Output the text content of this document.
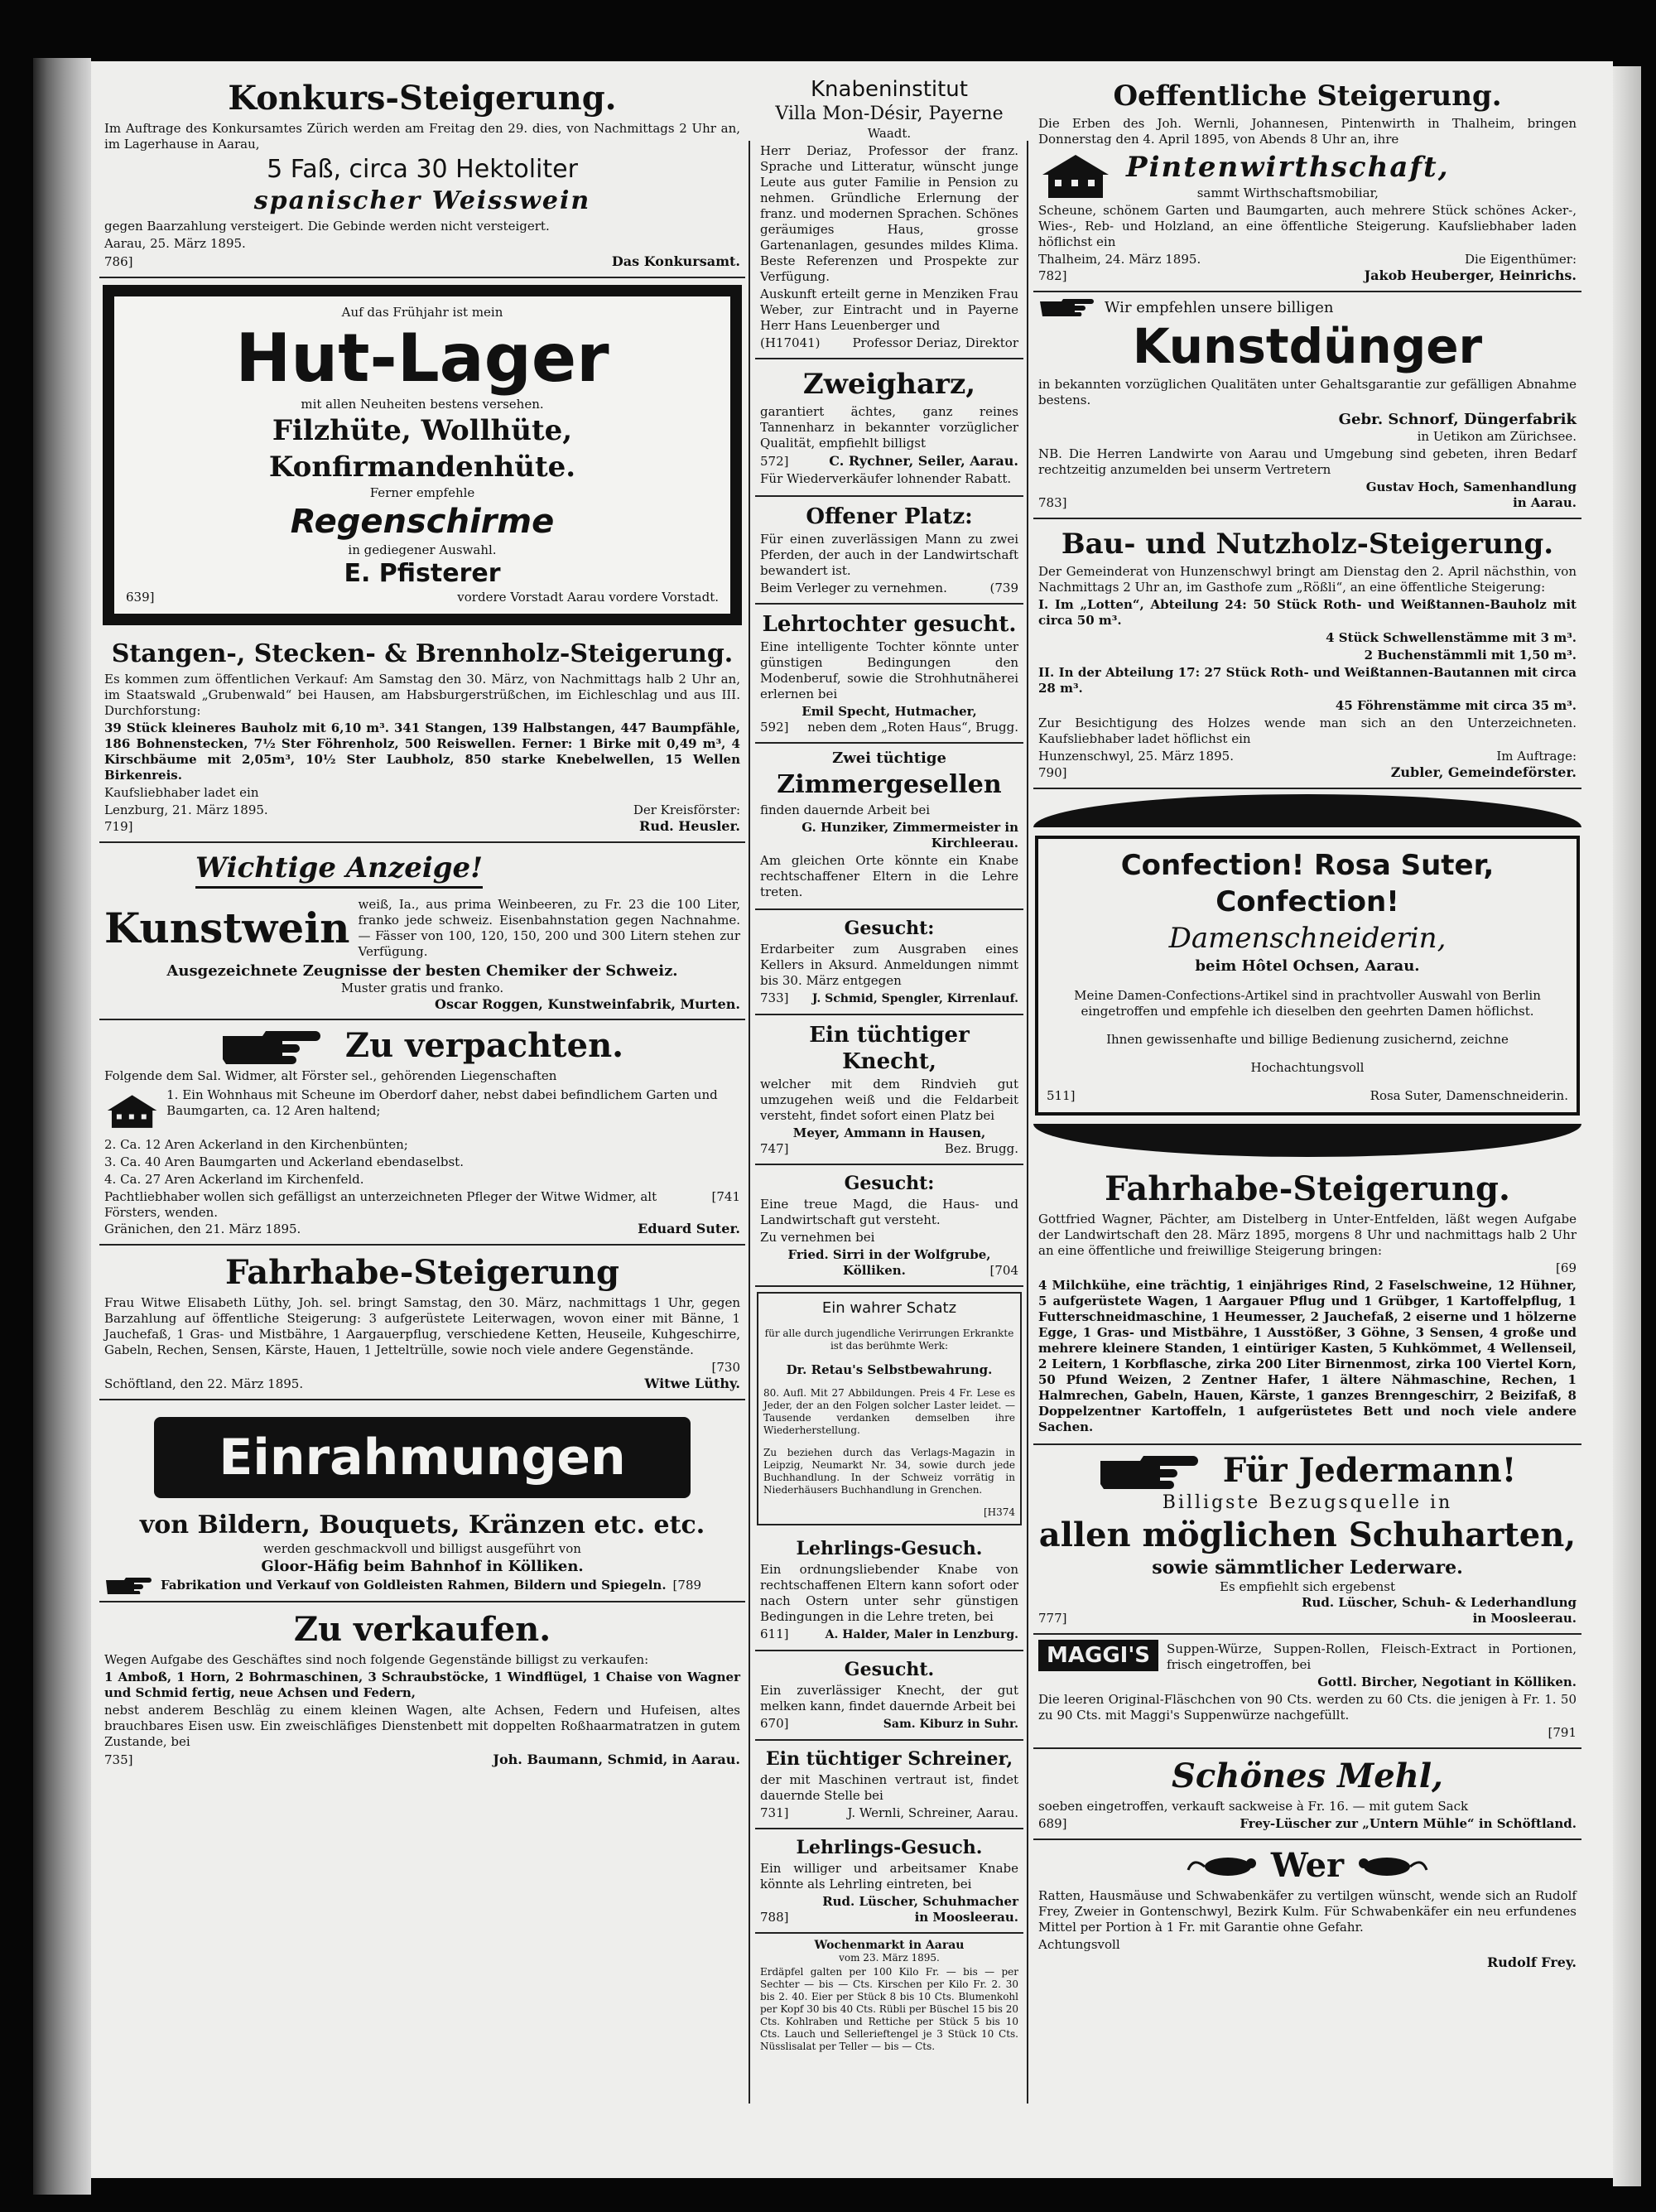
Konkurs-Steigerung.

Im Auftrage des Konkursamtes Zürich werden am Freitag den 29. dies, von Nachmittags 2 Uhr an, im Lagerhause in Aarau,

5 Faß, circa 30 Hektoliter
spanischer Weisswein

gegen Baarzahlung versteigert. Die Gebinde werden nicht versteigert.

Aarau, 25. März 1895.

786]	Das Konkursamt.
Auf das Frühjahr ist mein
Hut-Lager
mit allen Neuheiten bestens versehen.
Filzhüte, Wollhüte, Konfirmandenhüte.
Ferner empfehle
Regenschirme
in gediegener Auswahl.
E. Pfisterer
639]	vordere Vorstadt Aarau vordere Vorstadt.
Stangen-, Stecken- & Brennholz-Steigerung.

Es kommen zum öffentlichen Verkauf: Am Samstag den 30. März, von Nachmittags halb 2 Uhr an, im Staatswald „Grubenwald“ bei Hausen, am Habsburgerstrüßchen, im Eichleschlag und aus III. Durchforstung:

39 Stück kleineres Bauholz mit 6,10 m³. 341 Stangen, 139 Halbstangen, 447 Baumpfähle, 186 Bohnenstecken, 7½ Ster Föhrenholz, 500 Reiswellen. Ferner: 1 Birke mit 0,49 m³, 4 Kirschbäume mit 2,05m³, 10½ Ster Laubholz, 850 starke Knebelwellen, 15 Wellen Birkenreis.

Kaufsliebhaber ladet ein

Lenzburg, 21. März 1895.	Der Kreisförster:
719]	Rud. Heusler.
Wichtige Anzeige!
Kunstwein weiß, Ia., aus prima Weinbeeren, zu Fr. 23 die 100 Liter, franko jede schweiz. Eisenbahnstation gegen Nachnahme. — Fässer von 100, 120, 150, 200 und 300 Litern stehen zur Verfügung.

Ausgezeichnete Zeugnisse der besten Chemiker der Schweiz.
Muster gratis und franko.
Oscar Roggen, Kunstweinfabrik, Murten.
Zu verpachten.

Folgende dem Sal. Widmer, alt Förster sel., gehörenden Liegenschaften

1. Ein Wohnhaus mit Scheune im Oberdorf daher, nebst dabei befindlichem Garten und Baumgarten, ca. 12 Aren haltend;

2. Ca. 12 Aren Ackerland in den Kirchenbünten;

3. Ca. 40 Aren Baumgarten und Ackerland ebendaselbst.

4. Ca. 27 Aren Ackerland im Kirchenfeld.

Pachtliebhaber wollen sich gefälligst an unterzeichneten Pfleger der Witwe Widmer, alt Försters, wenden.
[741
Gränichen, den 21. März 1895.	Eduard Suter.
Fahrhabe-Steigerung

Frau Witwe Elisabeth Lüthy, Joh. sel. bringt Samstag, den 30. März, nachmittags 1 Uhr, gegen Barzahlung auf öffentliche Steigerung: 3 aufgerüstete Leiterwagen, wovon einer mit Bänne, 1 Jauchefaß, 1 Gras- und Mistbähre, 1 Aargauerpflug, verschiedene Ketten, Heuseile, Kuhgeschirre, Gabeln, Rechen, Sensen, Kärste, Hauen, 1 Jetteltrülle, sowie noch viele andere Gegenstände.

[730
Schöftland, den 22. März 1895.	Witwe Lüthy.
Einrahmungen
von Bildern, Bouquets, Kränzen etc. etc.
werden geschmackvoll und billigst ausgeführt von
Gloor-Häfig beim Bahnhof in Kölliken.
Fabrikation und Verkauf von Goldleisten Rahmen, Bildern und Spiegeln. [789
Zu verkaufen.

Wegen Aufgabe des Geschäftes sind noch folgende Gegenstände billigst zu verkaufen:

1 Amboß, 1 Horn, 2 Bohrmaschinen, 3 Schraubstöcke, 1 Windflügel, 1 Chaise von Wagner und Schmid fertig, neue Achsen und Federn,

nebst anderem Beschläg zu einem kleinen Wagen, alte Achsen, Federn und Hufeisen, altes brauchbares Eisen usw. Ein zweischläfiges Dienstenbett mit doppelten Roßhaarmatratzen in gutem Zustande, bei

735]	Joh. Baumann, Schmid, in Aarau.
Knabeninstitut
Villa Mon-Désir, Payerne
Waadt.

Herr Deriaz, Professor der franz. Sprache und Litteratur, wünscht junge Leute aus guter Familie in Pension zu nehmen. Gründliche Erlernung der franz. und modernen Sprachen. Schönes geräumiges Haus, grosse Gartenanlagen, gesundes mildes Klima. Beste Referenzen und Prospekte zur Verfügung.

Auskunft erteilt gerne in Menziken Frau Weber, zur Eintracht und in Payerne Herr Hans Leuenberger und

(H17041)	Professor Deriaz, Direktor
Zweigharz,

garantiert ächtes, ganz reines Tannenharz in bekannter vorzüglicher Qualität, empfiehlt billigst

572]	C. Rychner, Seiler, Aarau.

Für Wiederverkäufer lohnender Rabatt.

Offener Platz:

Für einen zuverlässigen Mann zu zwei Pferden, der auch in der Landwirtschaft bewandert ist.

Beim Verleger zu vernehmen.	(739
Lehrtochter gesucht.

Eine intelligente Tochter könnte unter günstigen Bedingungen den Modenberuf, sowie die Strohhutnäherei erlernen bei

Emil Specht, Hutmacher,
592] neben dem „Roten Haus“, Brugg.
Zwei tüchtige
Zimmergesellen

finden dauernde Arbeit bei

G. Hunziker, Zimmermeister in Kirchleerau.

Am gleichen Orte könnte ein Knabe rechtschaffener Eltern in die Lehre treten.

Gesucht:

Erdarbeiter zum Ausgraben eines Kellers in Aksurd. Anmeldungen nimmt bis 30. März entgegen

733] J. Schmid, Spengler, Kirrenlauf.
Ein tüchtiger Knecht,

welcher mit dem Rindvieh gut umzugehen weiß und die Feldarbeit versteht, findet sofort einen Platz bei

Meyer, Ammann in Hausen,
747]	Bez. Brugg.
Gesucht:

Eine treue Magd, die Haus- und Landwirtschaft gut versteht.

Zu vernehmen bei

Fried. Sirri in der Wolfgrube,
Kölliken.	[704
Ein wahrer Schatz

für alle durch jugendliche Verirrungen Erkrankte ist das berühmte Werk:

Dr. Retau's Selbstbewahrung.

80. Aufl. Mit 27 Abbildungen. Preis 4 Fr. Lese es Jeder, der an den Folgen solcher Laster leidet. — Tausende verdanken demselben ihre Wiederherstellung.

Zu beziehen durch das Verlags-Magazin in Leipzig, Neumarkt Nr. 34, sowie durch jede Buchhandlung. In der Schweiz vorrätig in Niederhäusers Buchhandlung in Grenchen.

[H374
Lehrlings-Gesuch.

Ein ordnungsliebender Knabe von rechtschaffenen Eltern kann sofort oder nach Ostern unter sehr günstigen Bedingungen in die Lehre treten, bei

611]	A. Halder, Maler in Lenzburg.
Gesucht.

Ein zuverlässiger Knecht, der gut melken kann, findet dauernde Arbeit bei

670]	Sam. Kiburz in Suhr.
Ein tüchtiger Schreiner,

der mit Maschinen vertraut ist, findet dauernde Stelle bei

731]	J. Wernli, Schreiner, Aarau.
Lehrlings-Gesuch.

Ein williger und arbeitsamer Knabe könnte als Lehrling eintreten, bei

Rud. Lüscher, Schuhmacher
788]	in Moosleerau.
Wochenmarkt in Aarau
vom 23. März 1895.

Erdäpfel galten per 100 Kilo Fr. — bis — per Sechter — bis — Cts. Kirschen per Kilo Fr. 2. 30 bis 2. 40. Eier per Stück 8 bis 10 Cts. Blumenkohl per Kopf 30 bis 40 Cts. Rübli per Büschel 15 bis 20 Cts. Kohlraben und Rettiche per Stück 5 bis 10 Cts. Lauch und Sellerieftengel je 3 Stück 10 Cts. Nüsslisalat per Teller — bis — Cts.

Oeffentliche Steigerung.

Die Erben des Joh. Wernli, Johannesen, Pintenwirth in Thalheim, bringen Donnerstag den 4. April 1895, von Abends 8 Uhr an, ihre

Pintenwirthschaft,
sammt Wirthschaftsmobiliar,

Scheune, schönem Garten und Baumgarten, auch mehrere Stück schönes Acker-, Wies-, Reb- und Holzland, an eine öffentliche Steigerung. Kaufsliebhaber laden höflichst ein

Thalheim, 24. März 1895.	Die Eigenthümer:
782]	Jakob Heuberger, Heinrichs.
Wir empfehlen unsere billigen
Kunstdünger

in bekannten vorzüglichen Qualitäten unter Gehaltsgarantie zur gefälligen Abnahme bestens.

Gebr. Schnorf, Düngerfabrik
in Uetikon am Zürichsee.

NB. Die Herren Landwirte von Aarau und Umgebung sind gebeten, ihren Bedarf rechtzeitig anzumelden bei unserm Vertretern

Gustav Hoch, Samenhandlung
783]	in Aarau.
Bau- und Nutzholz-Steigerung.

Der Gemeinderat von Hunzenschwyl bringt am Dienstag den 2. April nächsthin, von Nachmittags 2 Uhr an, im Gasthofe zum „Rößli“, an eine öffentliche Steigerung:

I. Im „Lotten“, Abteilung 24: 50 Stück Roth- und Weißtannen-Bauholz mit circa 50 m³.

4 Stück Schwellenstämme mit 3 m³.

2 Buchenstämmli mit 1,50 m³.

II. In der Abteilung 17: 27 Stück Roth- und Weißtannen-Bautannen mit circa 28 m³.

45 Föhrenstämme mit circa 35 m³.

Zur Besichtigung des Holzes wende man sich an den Unterzeichneten. Kaufsliebhaber ladet höflichst ein

Hunzenschwyl, 25. März 1895.	Im Auftrage:
790]	Zubler, Gemeindeförster.
Confection! Rosa Suter, Confection!
Damenschneiderin,
beim Hôtel Ochsen, Aarau.

Meine Damen-Confections-Artikel sind in prachtvoller Auswahl von Berlin eingetroffen und empfehle ich dieselben den geehrten Damen höflichst.

Ihnen gewissenhafte und billige Bedienung zusichernd, zeichne

Hochachtungsvoll

511]	Rosa Suter, Damenschneiderin.
Fahrhabe-Steigerung.

Gottfried Wagner, Pächter, am Distelberg in Unter-Entfelden, läßt wegen Aufgabe der Landwirtschaft den 28. März 1895, morgens 8 Uhr und nachmittags halb 2 Uhr an eine öffentliche und freiwillige Steigerung bringen:

[69

4 Milchkühe, eine trächtig, 1 einjähriges Rind, 2 Faselschweine, 12 Hühner, 5 aufgerüstete Wagen, 1 Aargauer Pflug und 1 Grübger, 1 Kartoffelpflug, 1 Futterschneidmaschine, 1 Heumesser, 2 Jauchefaß, 2 eiserne und 1 hölzerne Egge, 1 Gras- und Mistbähre, 1 Ausstößer, 3 Göhne, 3 Sensen, 4 große und mehrere kleinere Standen, 1 eintüriger Kasten, 5 Kuhkömmet, 4 Wellenseil, 2 Leitern, 1 Korbflasche, zirka 200 Liter Birnenmost, zirka 100 Viertel Korn, 50 Pfund Weizen, 2 Zentner Hafer, 1 ältere Nähmaschine, Rechen, 1 Halmrechen, Gabeln, Hauen, Kärste, 1 ganzes Brenngeschirr, 2 Beizifaß, 8 Doppelzentner Kartoffeln, 1 aufgerüstetes Bett und noch viele andere Sachen.

Für Jedermann!
Billigste Bezugsquelle in
allen möglichen Schuharten,
sowie sämmtlicher Lederware.
Es empfiehlt sich ergebenst
Rud. Lüscher, Schuh- & Lederhandlung
777]	in Moosleerau.
MAGGI'S	Suppen-Würze, Suppen-Rollen, Fleisch-Extract in Portionen, frisch eingetroffen, bei

Gottl. Bircher, Negotiant in Kölliken.

Die leeren Original-Fläschchen von 90 Cts. werden zu 60 Cts. die jenigen à Fr. 1. 50 zu 90 Cts. mit Maggi's Suppenwürze nachgefüllt.

[791
Schönes Mehl,

soeben eingetroffen, verkauft sackweise à Fr. 16. — mit gutem Sack

689]	Frey-Lüscher zur „Untern Mühle“ in Schöftland.
Wer

Ratten, Hausmäuse und Schwabenkäfer zu vertilgen wünscht, wende sich an Rudolf Frey, Zweier in Gontenschwyl, Bezirk Kulm. Für Schwabenkäfer ein neu erfundenes Mittel per Portion à 1 Fr. mit Garantie ohne Gefahr.

Achtungsvoll

Rudolf Frey.
